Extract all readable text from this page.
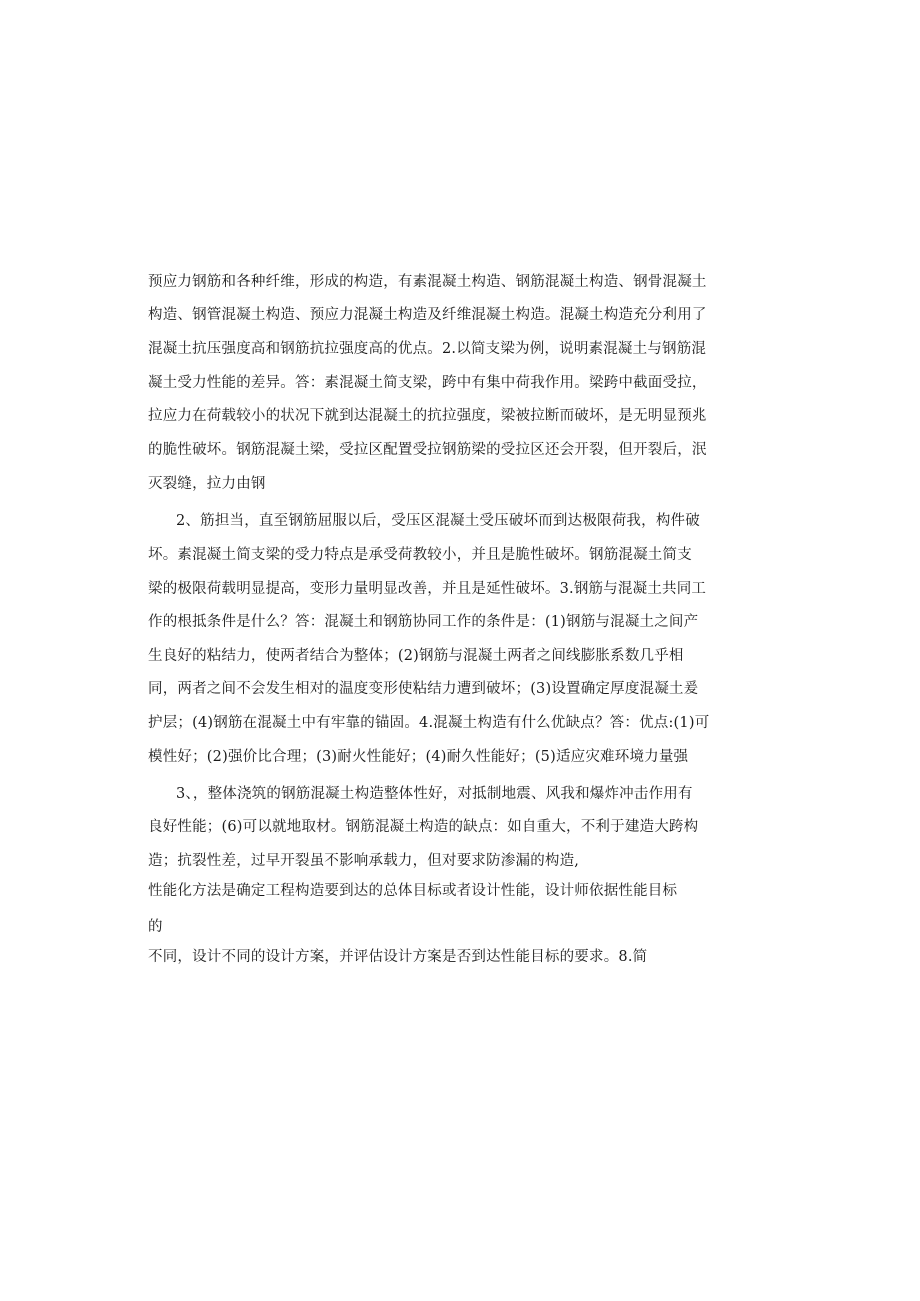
预应力钢筋和各种纤维，形成的构造，有素混凝土构造、钢筋混凝土构造、钢骨混凝土
构造、钢管混凝土构造、预应力混凝土构造及纤维混凝土构造。混凝土构造充分利用了
混凝土抗压强度高和钢筋抗拉强度高的优点。2.以简支梁为例，说明素混凝土与钢筋混
凝土受力性能的差异。答：素混凝土简支梁，跨中有集中荷我作用。梁跨中截面受拉，
拉应力在荷载较小的状况下就到达混凝土的抗拉强度，梁被拉断而破坏，是无明显预兆
的脆性破坏。钢筋混凝土梁，受拉区配置受拉钢筋梁的受拉区还会开裂，但开裂后，泯
灭裂缝，拉力由钢
2、筋担当，直至钢筋屈服以后，受压区混凝土受压破坏而到达极限荷我，构件破
坏。素混凝土简支梁的受力特点是承受荷教较小，并且是脆性破坏。钢筋混凝土简支
梁的极限荷载明显提高，变形力量明显改善，并且是延性破坏。3.钢筋与混凝土共同工
作的根抵条件是什么？答：混凝土和钢筋协同工作的条件是：(1)钢筋与混凝土之间产
生良好的粘结力，使两者结合为整体；(2)钢筋与混凝土两者之间线膨胀系数几乎相
同，两者之间不会发生相对的温度变形使粘结力遭到破坏；(3)设置确定厚度混凝土爰
护层；(4)钢筋在混凝土中有牢靠的锚固。4.混凝土构造有什么优缺点？答：优点:(1)可
模性好；(2)强价比合理；(3)耐火性能好；(4)耐久性能好；(5)适应灾难环境力量强
3、，整体浇筑的钢筋混凝土构造整体性好，对抵制地震、风我和爆炸冲击作用有
良好性能；(6)可以就地取材。钢筋混凝土构造的缺点：如自重大，不利于建造大跨构
造；抗裂性差，过早开裂虽不影响承载力，但对要求防渗漏的构造,
性能化方法是确定工程构造要到达的总体目标或者设计性能，设计师依据性能目标
的
不同，设计不同的设计方案，并评估设计方案是否到达性能目标的要求。8.简
